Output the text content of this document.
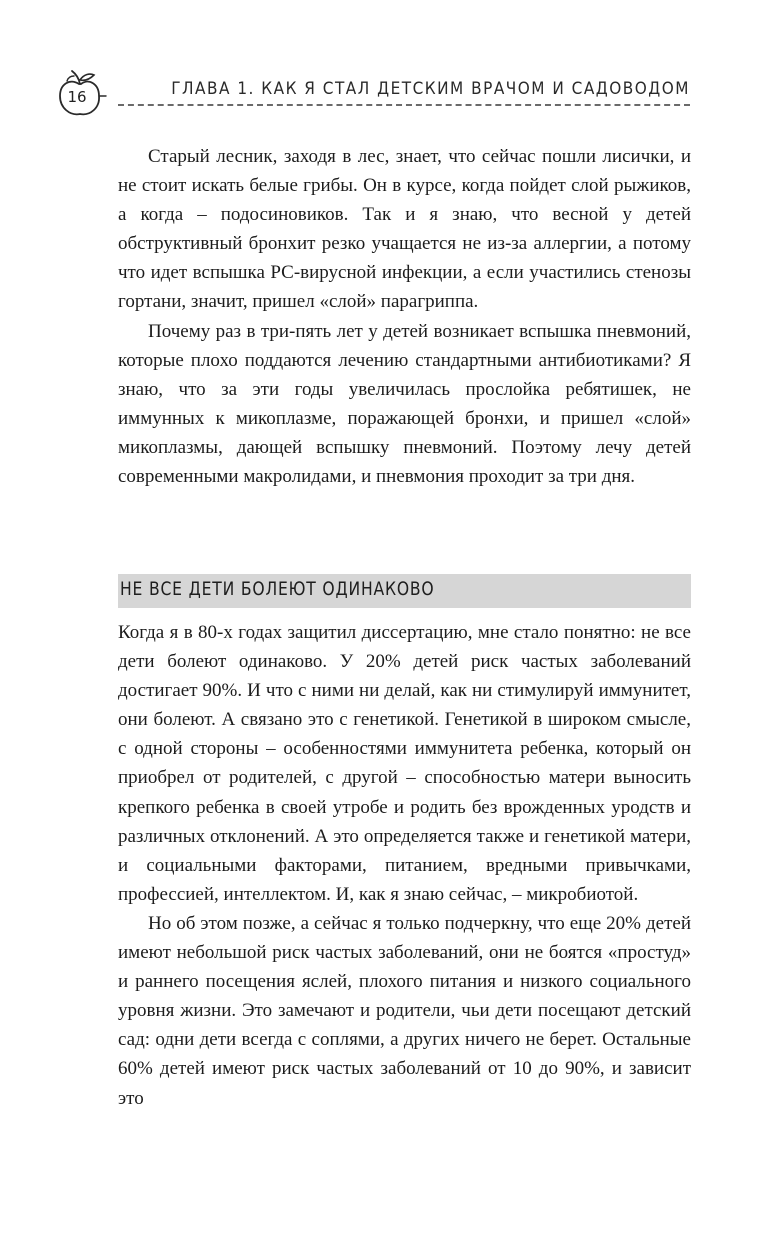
16	ГЛАВА 1. КАК Я СТАЛ ДЕТСКИМ ВРАЧОМ И САДОВОДОМ

Старый лесник, заходя в лес, знает, что сейчас пошли лисички, и не стоит искать белые грибы. Он в курсе, когда пойдет слой рыжиков, а когда – подосиновиков. Так и я знаю, что весной у детей обструктивный бронхит резко учащается не из-за аллергии, а потому что идет вспышка РС-вирусной инфекции, а если участились стенозы гортани, значит, пришел «слой» парагриппа.

Почему раз в три-пять лет у детей возникает вспышка пневмоний, которые плохо поддаются лечению стандартными антибиотиками? Я знаю, что за эти годы увеличилась прослойка ребятишек, не иммунных к микоплазме, поражающей бронхи, и пришел «слой» микоплазмы, дающей вспышку пневмоний. Поэтому лечу детей современными макролидами, и пневмония проходит за три дня.

НЕ ВСЕ ДЕТИ БОЛЕЮТ ОДИНАКОВО

Когда я в 80-х годах защитил диссертацию, мне стало понятно: не все дети болеют одинаково. У 20% детей риск частых заболеваний достигает 90%. И что с ними ни делай, как ни стимулируй иммунитет, они болеют. А связано это с генетикой. Генетикой в широком смысле, с одной стороны – особенностями иммунитета ребенка, который он приобрел от родителей, с другой – способностью матери выносить крепкого ребенка в своей утробе и родить без врожденных уродств и различных отклонений. А это определяется также и генетикой матери, и социальными факторами, питанием, вредными привычками, профессией, интеллектом. И, как я знаю сейчас, – микробиотой.

Но об этом позже, а сейчас я только подчеркну, что еще 20% детей имеют небольшой риск частых заболеваний, они не боятся «простуд» и раннего посещения яслей, плохого питания и низкого социального уровня жизни. Это замечают и родители, чьи дети посещают детский сад: одни дети всегда с соплями, а других ничего не берет. Остальные 60% детей имеют риск частых заболеваний от 10 до 90%, и зависит это
